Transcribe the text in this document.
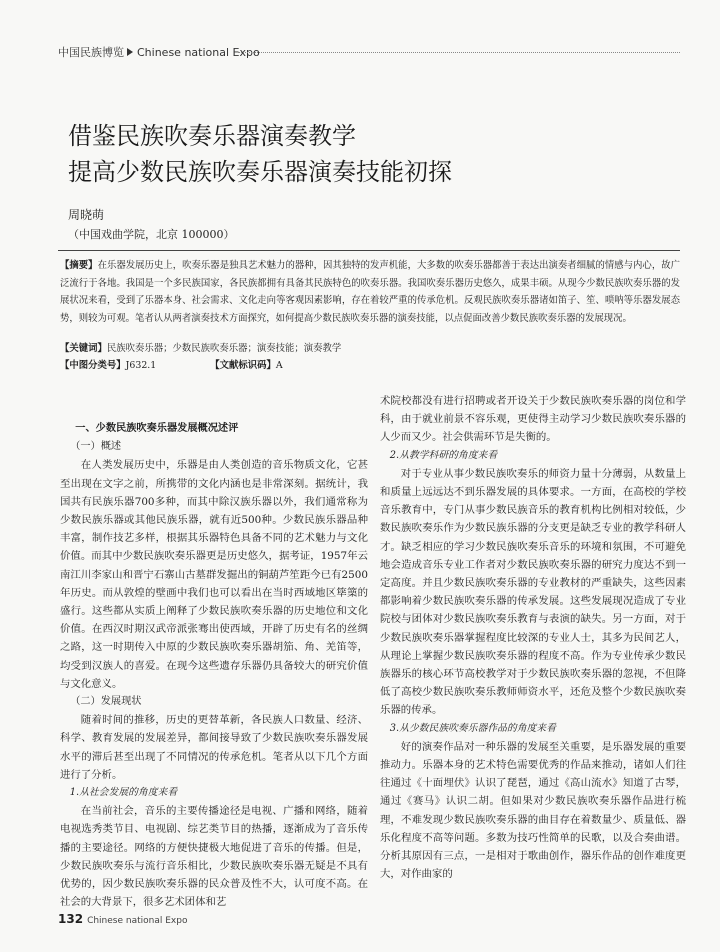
中国民族博览 Chinese national Expo
借鉴民族吹奏乐器演奏教学
提高少数民族吹奏乐器演奏技能初探
周晓萌
（中国戏曲学院，北京 100000）
【摘要】在乐器发展历史上，吹奏乐器是独具艺术魅力的器种，因其独特的发声机能，大多数的吹奏乐器都善于表达出演奏者细腻的情感与内心，故广泛流行于各地。我国是一个多民族国家，各民族都拥有具备其民族特色的吹奏乐器。我国吹奏乐器历史悠久，成果丰硕。从现今少数民族吹奏乐器的发展状况来看，受到了乐器本身、社会需求、文化走向等客观因素影响，存在着较严重的传承危机。反观民族吹奏乐器诸如笛子、笙、唢呐等乐器发展态势，则较为可观。笔者认从两者演奏技术方面探究，如何提高少数民族吹奏乐器的演奏技能，以点促面改善少数民族吹奏乐器的发展现况。
【关键词】民族吹奏乐器；少数民族吹奏乐器；演奏技能；演奏教学
【中图分类号】J632.1	【文献标识码】A
一、少数民族吹奏乐器发展概况述评
（一）概述

在人类发展历史中，乐器是由人类创造的音乐物质文化，它甚至出现在文字之前，所携带的文化内涵也是非常深刻。据统计，我国共有民族乐器700多种，而其中除汉族乐器以外，我们通常称为少数民族乐器或其他民族乐器，就有近500种。少数民族乐器品种丰富，制作技艺多样，根据其乐器特色具备不同的艺术魅力与文化价值。而其中少数民族吹奏乐器更是历史悠久，据考证，1957年云南江川李家山和晋宁石寨山古墓群发掘出的铜葫芦笙距今已有2500年历史。而从敦煌的壁画中我们也可以看出在当时西域地区筚篥的盛行。这些都从实质上阐释了少数民族吹奏乐器的历史地位和文化价值。在西汉时期汉武帝派张骞出使西域，开辟了历史有名的丝绸之路，这一时期传入中原的少数民族吹奏乐器胡笳、角、羌笛等，均受到汉族人的喜爱。在现今这些遗存乐器仍具备较大的研究价值与文化意义。

（二）发展现状

随着时间的推移，历史的更替革新，各民族人口数量、经济、科学、教育发展的发展差异，都间接导致了少数民族吹奏乐器发展水平的滞后甚至出现了不同情况的传承危机。笔者从以下几个方面进行了分析。

1.从社会发展的角度来看

在当前社会，音乐的主要传播途径是电视、广播和网络，随着电视选秀类节目、电视剧、综艺类节目的热播，逐渐成为了音乐传播的主要途径。网络的方便快捷极大地促进了音乐的传播。但是，少数民族吹奏乐与流行音乐相比，少数民族吹奏乐器无疑是不具有优势的，因少数民族吹奏乐器的民众普及性不大，认可度不高。在社会的大背景下，很多艺术团体和艺

术院校都没有进行招聘或者开设关于少数民族吹奏乐器的岗位和学科，由于就业前景不容乐观，更使得主动学习少数民族吹奏乐器的人少而又少。社会供需环节是失衡的。

2.从教学科研的角度来看

对于专业从事少数民族吹奏乐的师资力量十分薄弱，从数量上和质量上远远达不到乐器发展的具体要求。一方面，在高校的学校音乐教育中，专门从事少数民族音乐的教育机构比例相对较低，少数民族吹奏乐作为少数民族乐器的分支更是缺乏专业的教学科研人才。缺乏相应的学习少数民族吹奏乐音乐的环境和氛围，不可避免地会造成音乐专业工作者对少数民族吹奏乐器的研究力度达不到一定高度。并且少数民族吹奏乐器的专业教材的严重缺失，这些因素都影响着少数民族吹奏乐器的传承发展。这些发展现况造成了专业院校与团体对少数民族吹奏乐教育与表演的缺失。另一方面，对于少数民族吹奏乐器掌握程度比较深的专业人士，其多为民间艺人，从理论上掌握少数民族吹奏乐器的程度不高。作为专业传承少数民族器乐的核心环节高校教学对于少数民族吹奏乐器的忽视，不但降低了高校少数民族吹奏乐教师师资水平，还危及整个少数民族吹奏乐器的传承。

3.从少数民族吹奏乐器作品的角度来看

好的演奏作品对一种乐器的发展至关重要，是乐器发展的重要推动力。乐器本身的艺术特色需要优秀的作品来推动，诸如人们往往通过《十面埋伏》认识了琵琶，通过《高山流水》知道了古琴，通过《赛马》认识二胡。但如果对少数民族吹奏乐器作品进行梳理，不难发现少数民族吹奏乐器的曲目存在着数量少、质量低、器乐化程度不高等问题。多数为技巧性简单的民歌，以及合奏曲谱。分析其原因有三点，一是相对于歌曲创作，器乐作品的创作难度更大，对作曲家的

132 Chinese national Expo
